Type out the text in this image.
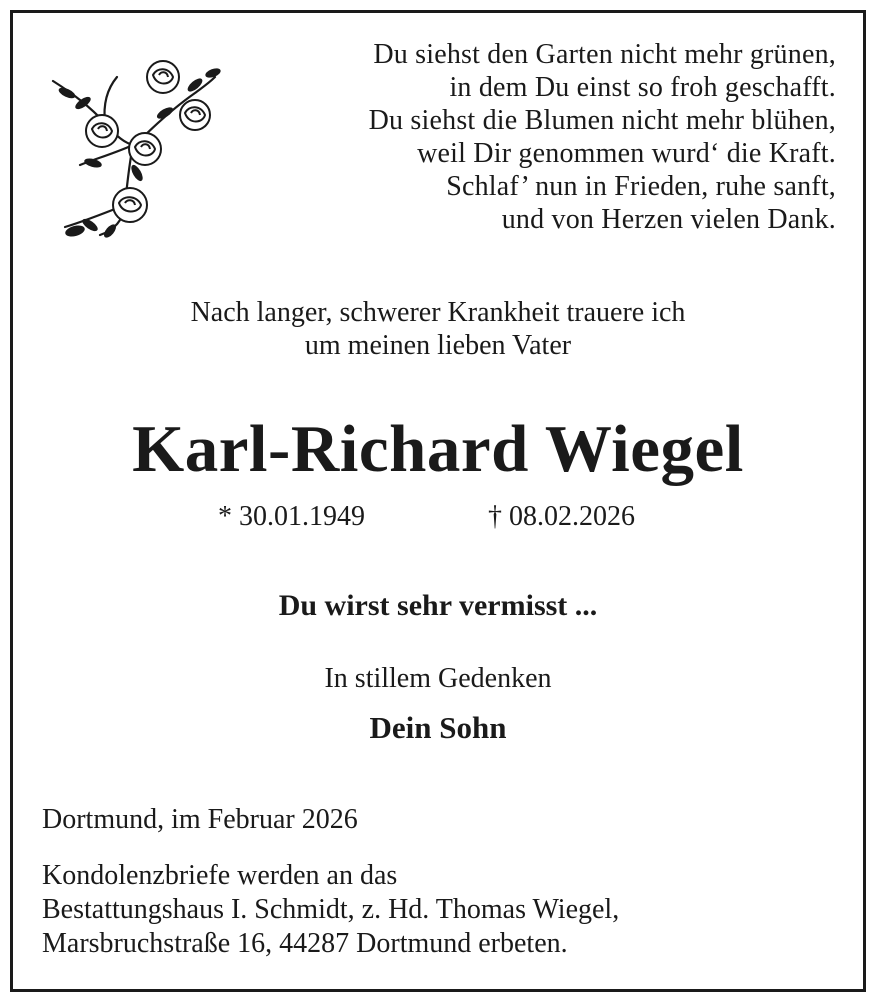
Du siehst den Garten nicht mehr grünen,
in dem Du einst so froh geschafft.
Du siehst die Blumen nicht mehr blühen,
weil Dir genommen wurd‘ die Kraft.
Schlaf’ nun in Frieden, ruhe sanft,
und von Herzen vielen Dank.
Nach langer, schwerer Krankheit trauere ich
um meinen lieben Vater
Karl-Richard Wiegel
* 30.01.1949	† 08.02.2026
Du wirst sehr vermisst ...
In stillem Gedenken
Dein Sohn
Dortmund, im Februar 2026
Kondolenzbriefe werden an das
Bestattungshaus I. Schmidt, z. Hd. Thomas Wiegel,
Marsbruchstraße 16, 44287 Dortmund erbeten.
